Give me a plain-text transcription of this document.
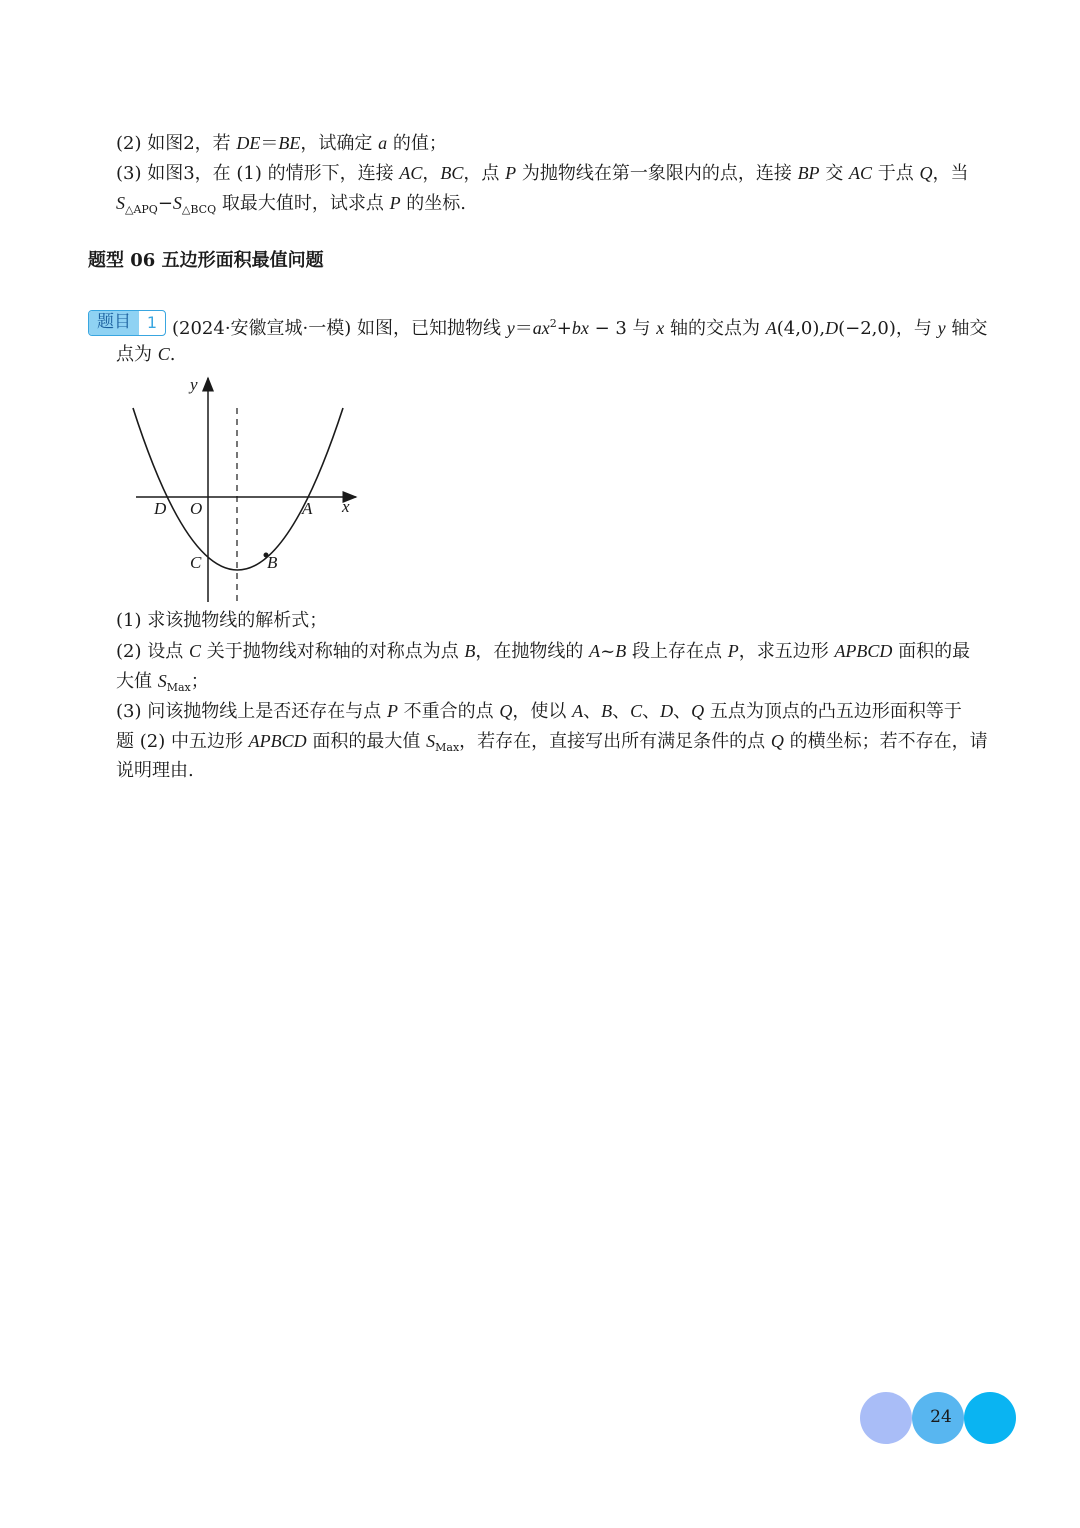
(2) 如图2，若 DE＝BE，试确定 a 的值；
(3) 如图3，在 (1) 的情形下，连接 AC，BC，点 P 为抛物线在第一象限内的点，连接 BP 交 AC 于点 Q，当
$S_{\triangle APQ}-S_{\triangle BCQ}$ 取最大值时，试求点 P 的坐标.
题型 06 五边形面积最值问题
题目 1 (2024·安徽宣城·一模) 如图，已知抛物线 $y=ax^2+bx - 3$ 与 x 轴的交点为 A(4,0),D(−2,0)，与 y 轴交
点为 C.
y
x
D O	A
C	B
(1) 求该抛物线的解析式；
(2) 设点 C 关于抛物线对称轴的对称点为点 B，在抛物线的 A~B 段上存在点 P，求五边形 APBCD 面积的最
大值 $S_{Max}$；
(3) 问该抛物线上是否还存在与点 P 不重合的点 Q，使以 A、B、C、D、Q 五点为顶点的凸五边形面积等于
题 (2) 中五边形 APBCD 面积的最大值 $S_{Max}$，若存在，直接写出所有满足条件的点 Q 的横坐标；若不存在，请
说明理由.
24
